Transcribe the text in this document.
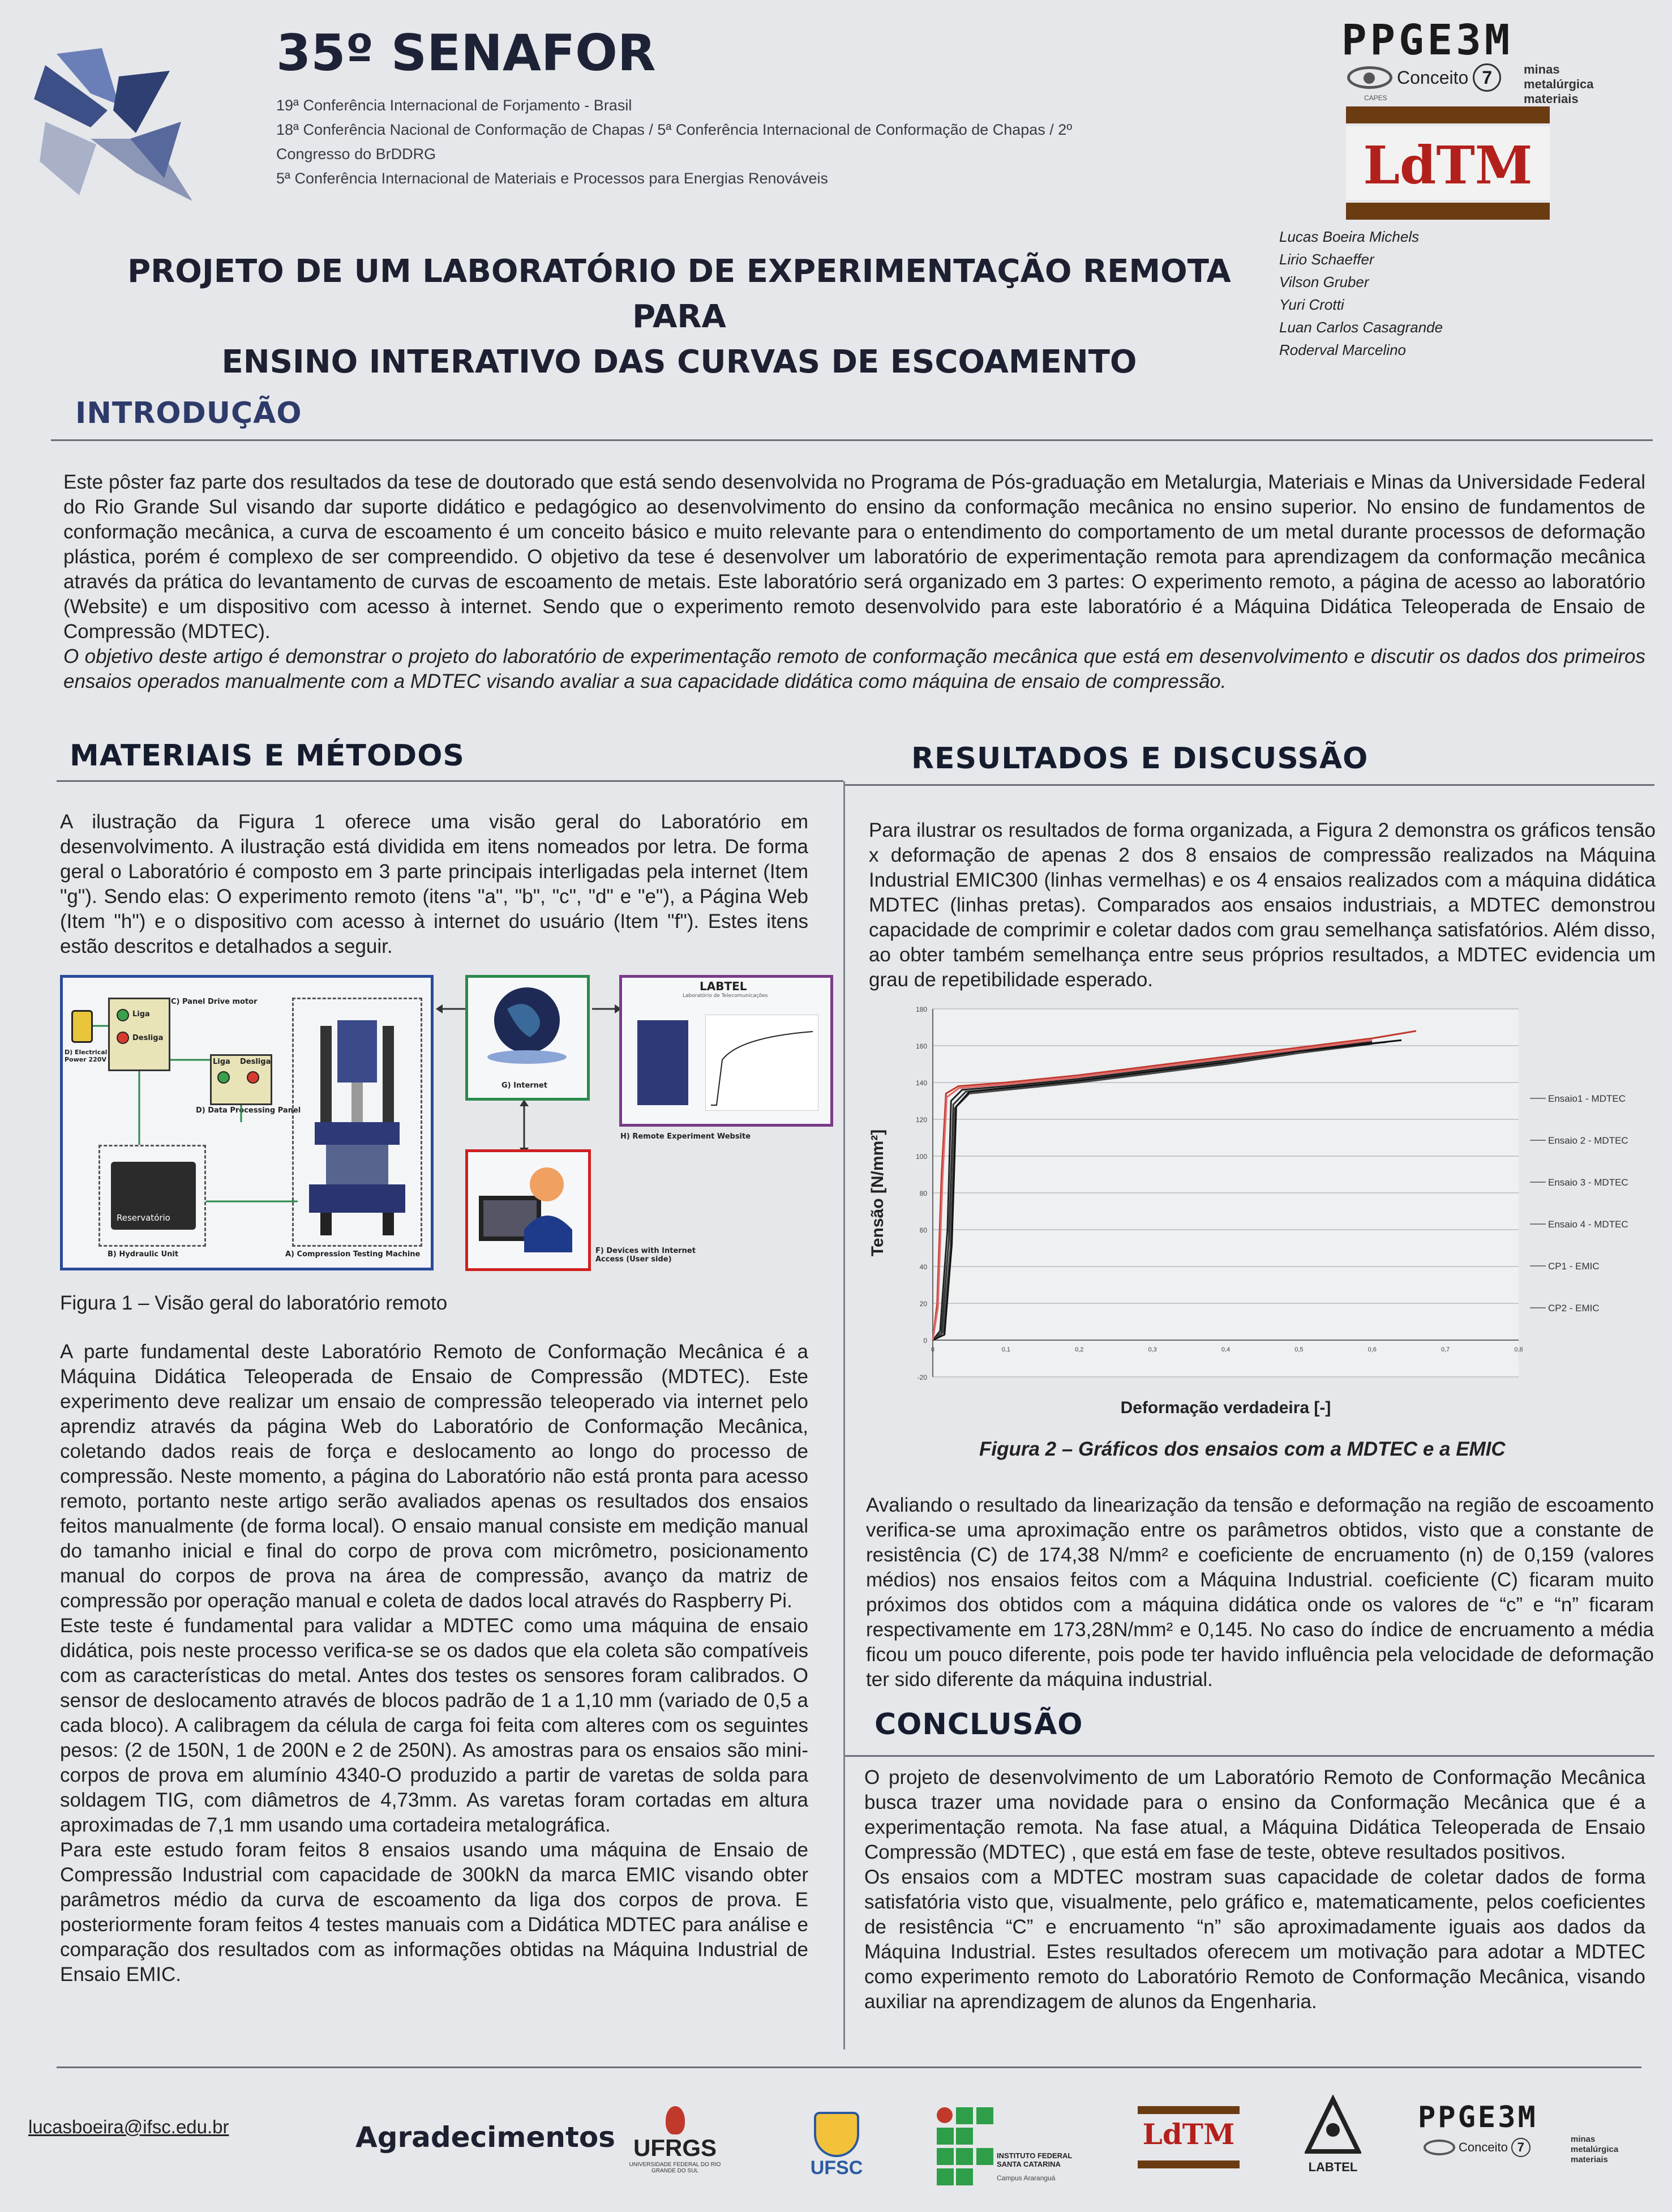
35º SENAFOR
19ª Conferência Internacional de Forjamento - Brasil
18ª Conferência Nacional de Conformação de Chapas / 5ª Conferência Internacional de Conformação de Chapas / 2º
Congresso do BrDDRG
5ª Conferência Internacional de Materiais e Processos para Energias Renováveis
PROJETO DE UM LABORATÓRIO DE EXPERIMENTAÇÃO REMOTA PARA
ENSINO INTERATIVO DAS CURVAS DE ESCOAMENTO
PPGE3M
Conceito 7
CAPES
minas
metalúrgica
materiais
LdTM
Lucas Boeira Michels
Lirio Schaeffer
Vilson Gruber
Yuri Crotti
Luan Carlos Casagrande
Roderval Marcelino
INTRODUÇÃO

Este pôster faz parte dos resultados da tese de doutorado que está sendo desenvolvida no Programa de Pós-graduação em Metalurgia, Materiais e Minas da Universidade Federal do Rio Grande Sul visando dar suporte didático e pedagógico ao desenvolvimento do ensino da conformação mecânica no ensino superior. No ensino de fundamentos de conformação mecânica, a curva de escoamento é um conceito básico e muito relevante para o entendimento do comportamento de um metal durante processos de deformação plástica, porém é complexo de ser compreendido. O objetivo da tese é desenvolver um laboratório de experimentação remota para aprendizagem da conformação mecânica através da prática do levantamento de curvas de escoamento de metais. Este laboratório será organizado em 3 partes: O experimento remoto, a página de acesso ao laboratório (Website) e um dispositivo com acesso à internet. Sendo que o experimento remoto desenvolvido para este laboratório é a Máquina Didática Teleoperada de Ensaio de Compressão (MDTEC).

O objetivo deste artigo é demonstrar o projeto do laboratório de experimentação remoto de conformação mecânica que está em desenvolvimento e discutir os dados dos primeiros ensaios operados manualmente com a MDTEC visando avaliar a sua capacidade didática como máquina de ensaio de compressão.

MATERIAIS E MÉTODOS

A ilustração da Figura 1 oferece uma visão geral do Laboratório em desenvolvimento. A ilustração está dividida em itens nomeados por letra. De forma geral o Laboratório é composto em 3 parte principais interligadas pela internet (Item "g"). Sendo elas: O experimento remoto (itens "a", "b", "c", "d" e "e"), a Página Web (Item "h") e o dispositivo com acesso à internet do usuário (Item "f"). Estes itens estão descritos e detalhados a seguir.

D) Electrical Power 220V
Liga
Desliga
C) Panel Drive motor
Liga Desliga
D) Data Processing Panel
Reservatório
B) Hydraulic Unit	A) Compression Testing Machine
G) Internet
LABTEL
Laboratório de Telecomunicações
H) Remote Experiment Website
F) Devices with Internet Access (User side)
Figura 1 – Visão geral do laboratório remoto

A parte fundamental deste Laboratório Remoto de Conformação Mecânica é a Máquina Didática Teleoperada de Ensaio de Compressão (MDTEC). Este experimento deve realizar um ensaio de compressão teleoperado via internet pelo aprendiz através da página Web do Laboratório de Conformação Mecânica, coletando dados reais de força e deslocamento ao longo do processo de compressão. Neste momento, a página do Laboratório não está pronta para acesso remoto, portanto neste artigo serão avaliados apenas os resultados dos ensaios feitos manualmente (de forma local). O ensaio manual consiste em medição manual do tamanho inicial e final do corpo de prova com micrômetro, posicionamento manual do corpos de prova na área de compressão, avanço da matriz de compressão por operação manual e coleta de dados local através do Raspberry Pi.

Este teste é fundamental para validar a MDTEC como uma máquina de ensaio didática, pois neste processo verifica-se se os dados que ela coleta são compatíveis com as características do metal. Antes dos testes os sensores foram calibrados. O sensor de deslocamento através de blocos padrão de 1 a 1,10 mm (variado de 0,5 a cada bloco). A calibragem da célula de carga foi feita com alteres com os seguintes pesos: (2 de 150N, 1 de 200N e 2 de 250N). As amostras para os ensaios são mini-corpos de prova em alumínio 4340-O produzido a partir de varetas de solda para soldagem TIG, com diâmetros de 4,73mm. As varetas foram cortadas em altura aproximadas de 7,1 mm usando uma cortadeira metalográfica.

Para este estudo foram feitos 8 ensaios usando uma máquina de Ensaio de Compressão Industrial com capacidade de 300kN da marca EMIC visando obter parâmetros médio da curva de escoamento da liga dos corpos de prova. E posteriormente foram feitos 4 testes manuais com a Didática MDTEC para análise e comparação dos resultados com as informações obtidas na Máquina Industrial de Ensaio EMIC.

RESULTADOS E DISCUSSÃO

Para ilustrar os resultados de forma organizada, a Figura 2 demonstra os gráficos tensão x deformação de apenas 2 dos 8 ensaios de compressão realizados na Máquina Industrial EMIC300 (linhas vermelhas) e os 4 ensaios realizados com a máquina didática MDTEC (linhas pretas). Comparados aos ensaios industriais, a MDTEC demonstrou capacidade de comprimir e coletar dados com grau semelhança satisfatórios. Além disso, ao obter também semelhança entre seus próprios resultados, a MDTEC evidencia um grau de repetibilidade esperado.

-20
0
20
40
60
80
100
120
140
160
180
0	0,1	0,2	0,3	0,4	0,5	0,6	0,7	0,8
Deformação verdadeira [-]
Tensão [N/mm²]
Ensaio1 - MDTEC
Ensaio 2 - MDTEC
Ensaio 3 - MDTEC
Ensaio 4 - MDTEC
CP1 - EMIC
CP2 - EMIC
Figura 2 – Gráficos dos ensaios com a MDTEC e a EMIC

Avaliando o resultado da linearização da tensão e deformação na região de escoamento verifica-se uma aproximação entre os parâmetros obtidos, visto que a constante de resistência (C) de 174,38 N/mm² e coeficiente de encruamento (n) de 0,159 (valores médios) nos ensaios feitos com a Máquina Industrial. coeficiente (C) ficaram muito próximos dos obtidos com a máquina didática onde os valores de “c” e “n” ficaram respectivamente em 173,28N/mm² e 0,145. No caso do índice de encruamento a média ficou um pouco diferente, pois pode ter havido influência pela velocidade de deformação ter sido diferente da máquina industrial.

CONCLUSÃO

O projeto de desenvolvimento de um Laboratório Remoto de Conformação Mecânica busca trazer uma novidade para o ensino da Conformação Mecânica que é a experimentação remota. Na fase atual, a Máquina Didática Teleoperada de Ensaio Compressão (MDTEC) , que está em fase de teste, obteve resultados positivos.

Os ensaios com a MDTEC mostram suas capacidade de coletar dados de forma satisfatória visto que, visualmente, pelo gráfico e, matematicamente, pelos coeficientes de resistência “C” e encruamento “n” são aproximadamente iguais aos dados da Máquina Industrial. Estes resultados oferecem um motivação para adotar a MDTEC como experimento remoto do Laboratório Remoto de Conformação Mecânica, visando auxiliar na aprendizagem de alunos da Engenharia.

lucasboeira@ifsc.edu.br	Agradecimentos UFRGS
UNIVERSIDADE FEDERAL DO RIO GRANDE DO SUL	UFSC
INSTITUTO FEDERAL SANTA CATARINA
Campus Araranguá
LdTM
LABTEL
PPGE3M
Conceito 7
minas
metalúrgica
materiais
